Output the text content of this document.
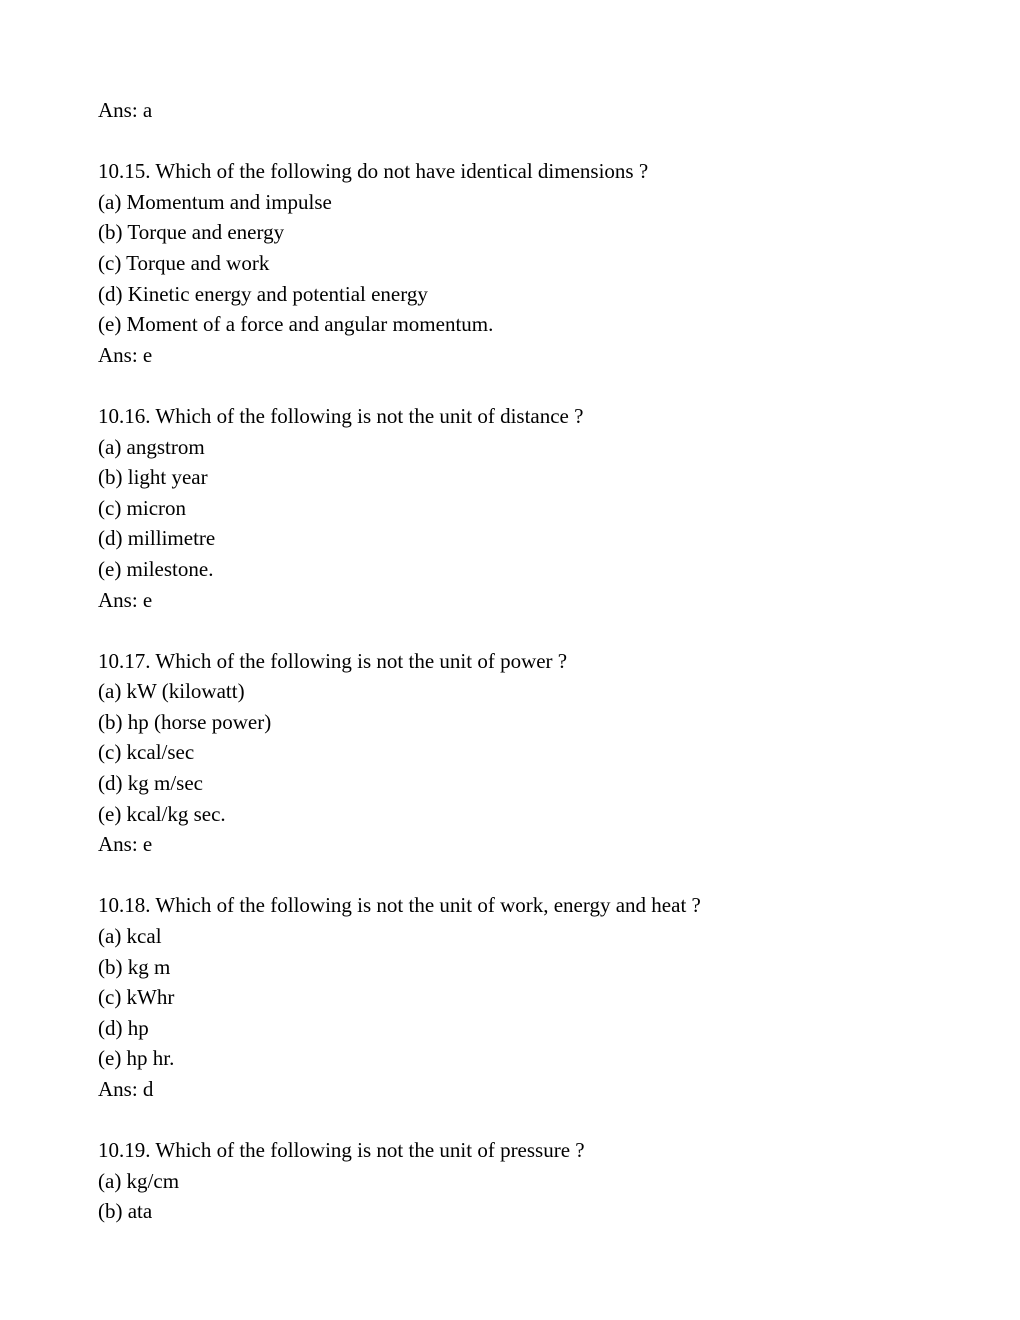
Ans: a

10.15. Which of the following do not have identical dimensions ?

(a) Momentum and impulse

(b) Torque and energy

(c) Torque and work

(d) Kinetic energy and potential energy

(e) Moment of a force and angular momentum.

Ans: e

10.16. Which of the following is not the unit of distance ?

(a) angstrom

(b) light year

(c) micron

(d) millimetre

(e) milestone.

Ans: e

10.17. Which of the following is not the unit of power ?

(a) kW (kilowatt)

(b) hp (horse power)

(c) kcal/sec

(d) kg m/sec

(e) kcal/kg sec.

Ans: e

10.18. Which of the following is not the unit of work, energy and heat ?

(a) kcal

(b) kg m

(c) kWhr

(d) hp

(e) hp hr.

Ans: d

10.19. Which of the following is not the unit of pressure ?

(a) kg/cm

(b) ata
